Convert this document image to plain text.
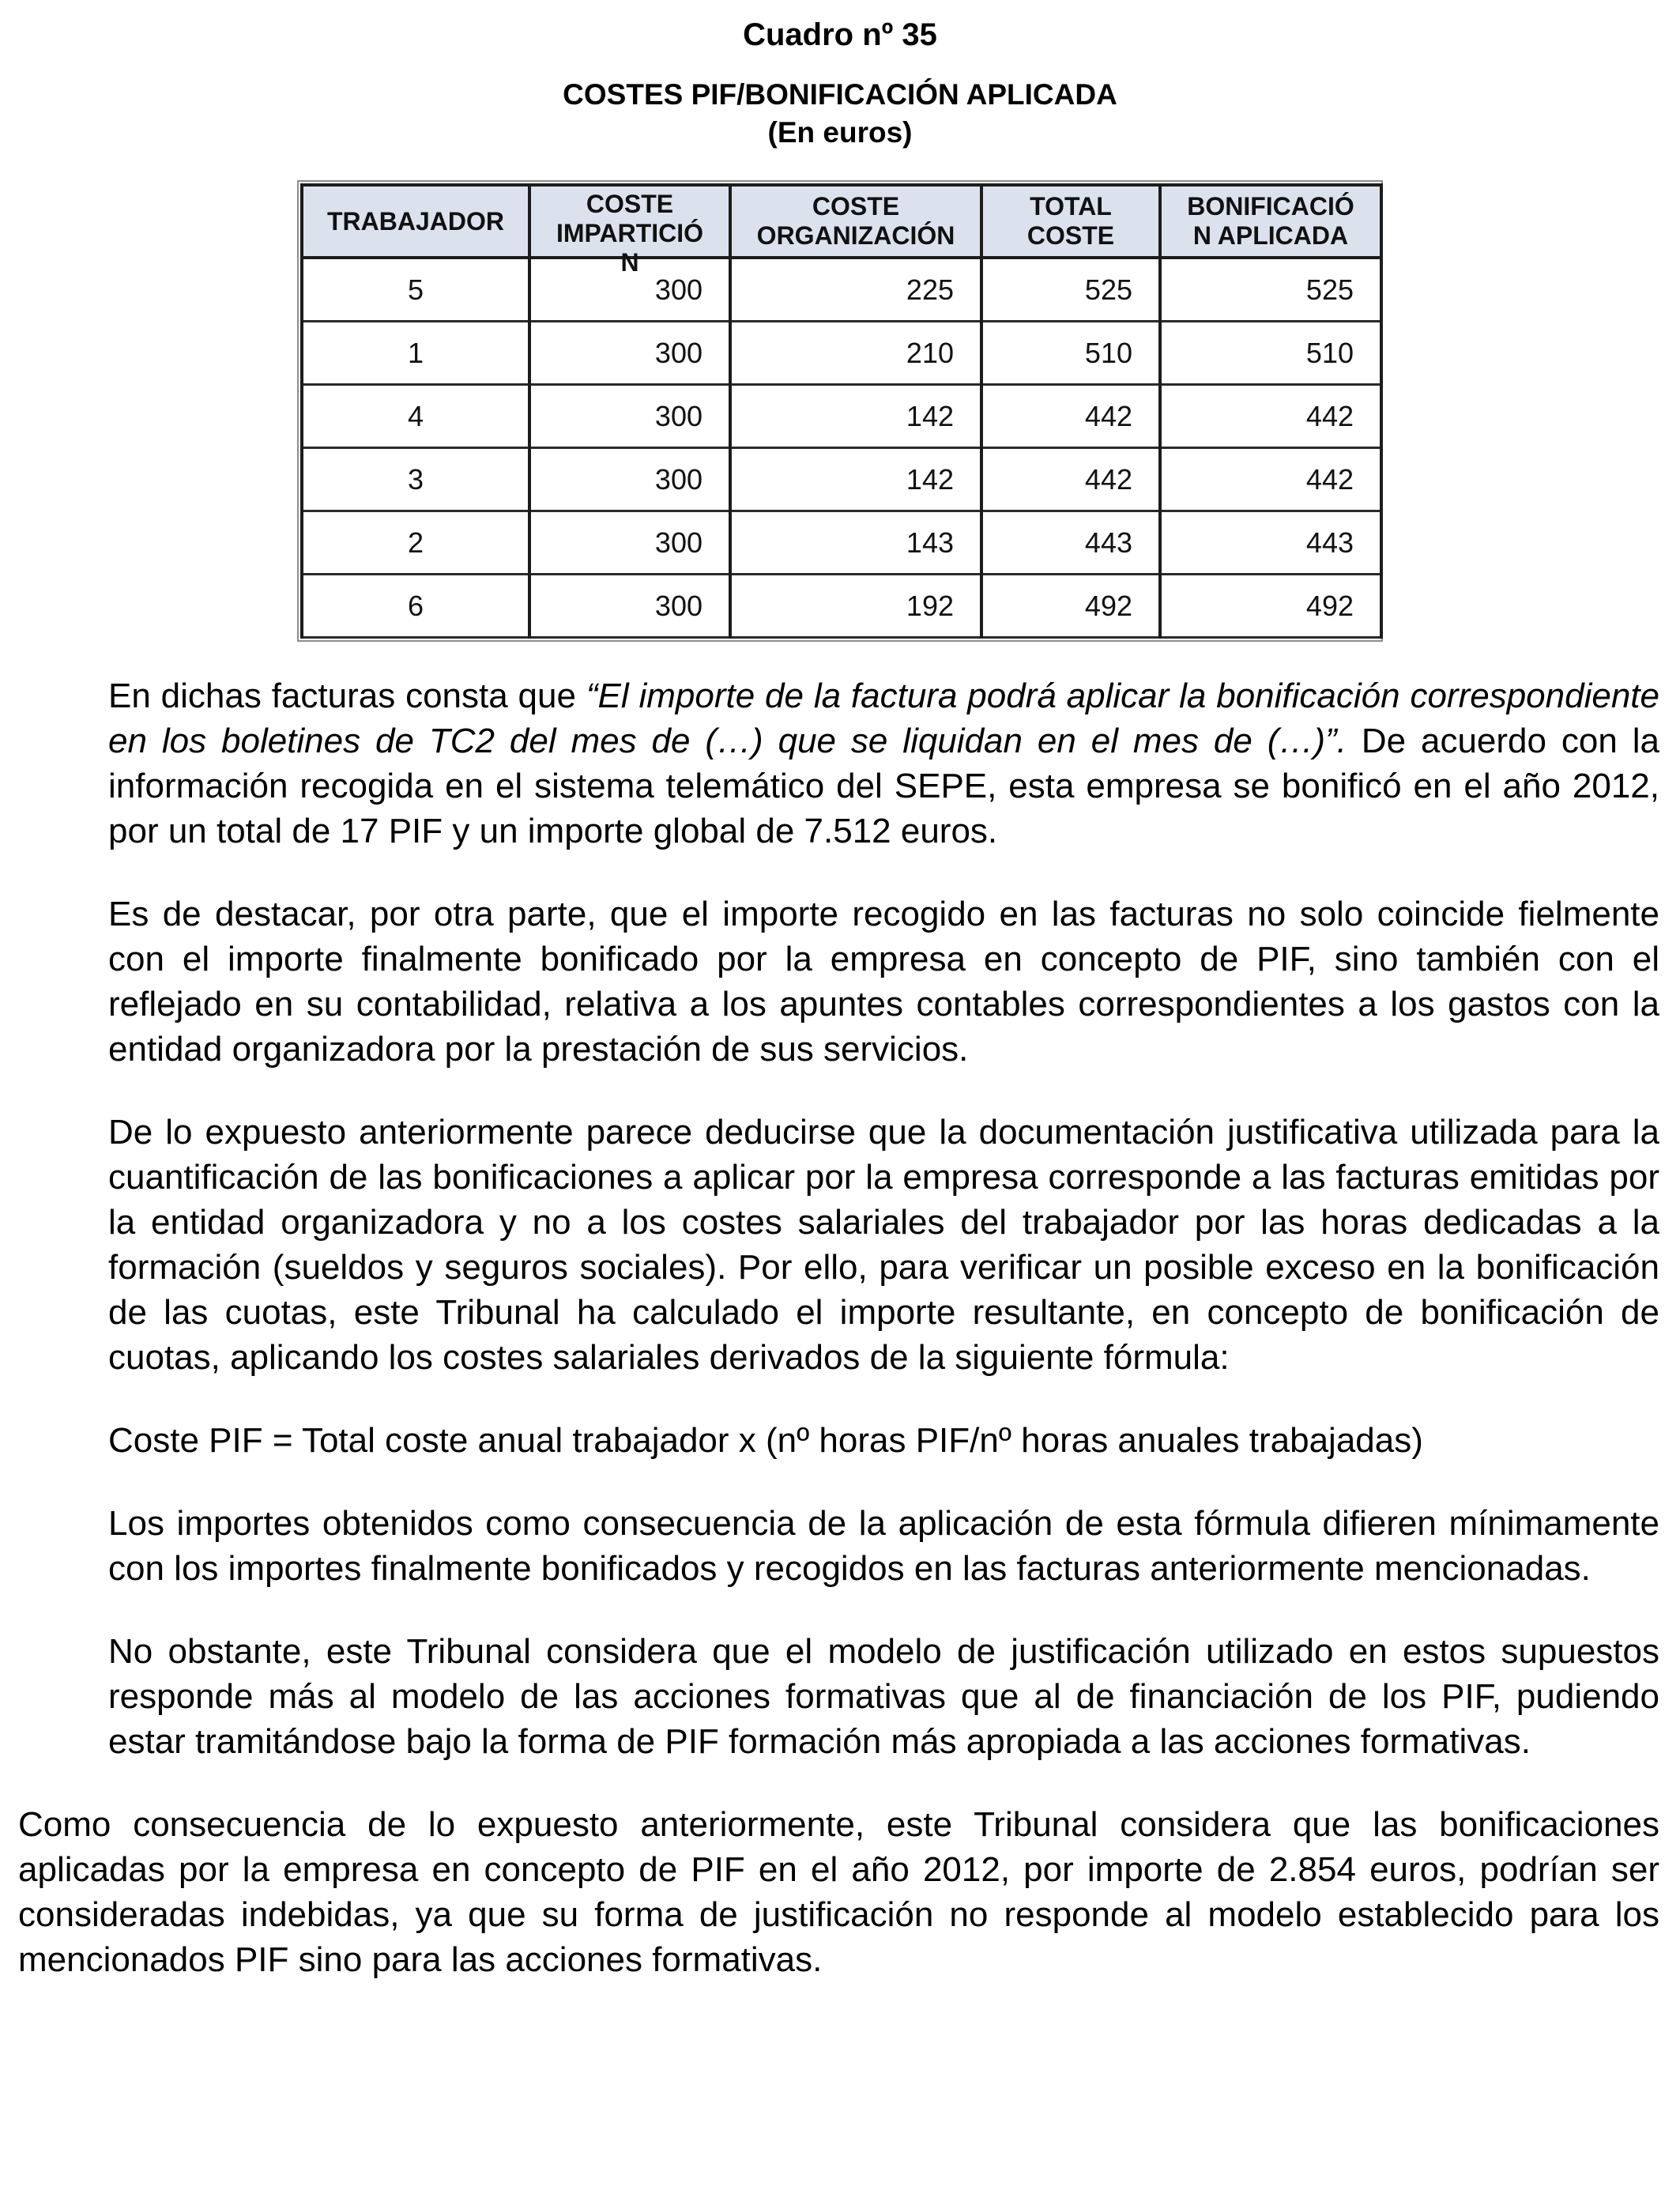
Cuadro nº 35
COSTES PIF/BONIFICACIÓN APLICADA
(En euros)
TRABAJADOR	COSTE IMPARTICIÓN	COSTE ORGANIZACIÓN	TOTAL COSTE	BONIFICACIÓN APLICADA

5	300	225	525	525
1	300	210	510	510
4	300	142	442	442
3	300	142	442	442
2	300	143	443	443
6	300	192	492	492

En dichas facturas consta que “El importe de la factura podrá aplicar la bonificación correspondiente en los boletines de TC2 del mes de (…) que se liquidan en el mes de (…)”. De acuerdo con la información recogida en el sistema telemático del SEPE, esta empresa se bonificó en el año 2012, por un total de 17 PIF y un importe global de 7.512 euros.

Es de destacar, por otra parte, que el importe recogido en las facturas no solo coincide fielmente con el importe finalmente bonificado por la empresa en concepto de PIF, sino también con el reflejado en su contabilidad, relativa a los apuntes contables correspondientes a los gastos con la entidad organizadora por la prestación de sus servicios.

De lo expuesto anteriormente parece deducirse que la documentación justificativa utilizada para la cuantificación de las bonificaciones a aplicar por la empresa corresponde a las facturas emitidas por la entidad organizadora y no a los costes salariales del trabajador por las horas dedicadas a la formación (sueldos y seguros sociales). Por ello, para verificar un posible exceso en la bonificación de las cuotas, este Tribunal ha calculado el importe resultante, en concepto de bonificación de cuotas, aplicando los costes salariales derivados de la siguiente fórmula:

Coste PIF = Total coste anual trabajador x (nº horas PIF/nº horas anuales trabajadas)

Los importes obtenidos como consecuencia de la aplicación de esta fórmula difieren mínimamente con los importes finalmente bonificados y recogidos en las facturas anteriormente mencionadas.

No obstante, este Tribunal considera que el modelo de justificación utilizado en estos supuestos responde más al modelo de las acciones formativas que al de financiación de los PIF, pudiendo estar tramitándose bajo la forma de PIF formación más apropiada a las acciones formativas.

Como consecuencia de lo expuesto anteriormente, este Tribunal considera que las bonificaciones aplicadas por la empresa en concepto de PIF en el año 2012, por importe de 2.854 euros, podrían ser consideradas indebidas, ya que su forma de justificación no responde al modelo establecido para los mencionados PIF sino para las acciones formativas.
